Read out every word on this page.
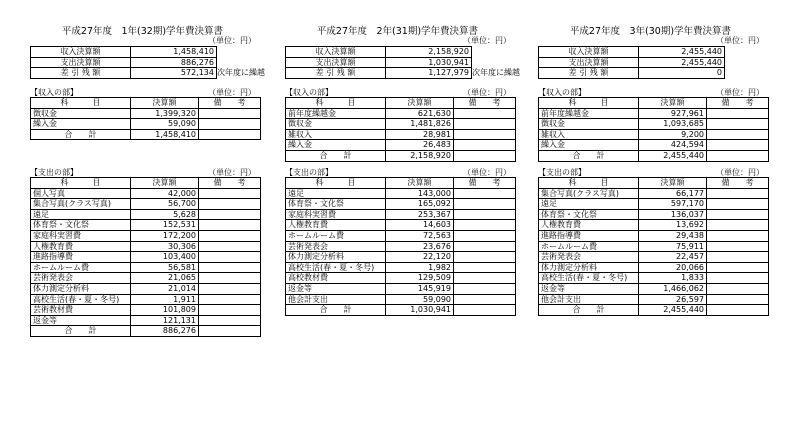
平成27年度　1年(32期)学年費決算書
（単位：円）
収入決算額	1,458,410	
支出決算額	886,276	
差 引 残 額	572,134	次年度に繰越
【収入の部】	（単位：円）
科　　　目	決算額	備　　考
徴収金	1,399,320	
繰入金	59,090	
合　　計	1,458,410	
【支出の部】	（単位：円）
科　　　目	決算額	備　　考
個人写真	42,000	
集合写真(クラス写真)	56,700	
遠足	5,628	
体育祭・文化祭	152,531	
家庭科実習費	172,200	
人権教育費	30,306	
進路指導費	103,400	
ホームルーム費	56,581	
芸術発表会	21,065	
体力測定分析料	21,014	
高校生活(春・夏・冬号)	1,911	
芸術教材費	101,809	
返金等	121,131	
合　　計	886,276	
平成27年度　2年(31期)学年費決算書
（単位：円）
収入決算額	2,158,920	
支出決算額	1,030,941	
差 引 残 額	1,127,979	次年度に繰越
【収入の部】	（単位：円）
科　　　目	決算額	備　　考
前年度繰越金	621,630	
徴収金	1,481,826	
雑収入	28,981	
繰入金	26,483	
合　　計	2,158,920	
【支出の部】	（単位：円）
科　　　目	決算額	備　　考
遠足	143,000	
体育祭・文化祭	165,092	
家庭科実習費	253,367	
人権教育費	14,603	
ホームルーム費	72,563	
芸術発表会	23,676	
体力測定分析料	22,120	
高校生活(春・夏・冬号)	1,982	
高校教材費	129,509	
返金等	145,919	
他会計支出	59,090	
合　　計	1,030,941	
平成27年度　3年(30期)学年費決算書
（単位：円）
収入決算額	2,455,440	
支出決算額	2,455,440	
差 引 残 額	0	
【収入の部】	（単位：円）
科　　　目	決算額	備　　考
前年度繰越金	927,961	
徴収金	1,093,685	
雑収入	9,200	
繰入金	424,594	
合　　計	2,455,440	
【支出の部】	（単位：円）
科　　　目	決算額	備　　考
集合写真(クラス写真)	66,177	
遠足	597,170	
体育祭・文化祭	136,037	
人権教育費	13,692	
進路指導費	29,438	
ホームルーム費	75,911	
芸術発表会	22,457	
体力測定分析料	20,066	
高校生活(春・夏・冬号)	1,833	
返金等	1,466,062	
他会計支出	26,597	
合　　計	2,455,440	
